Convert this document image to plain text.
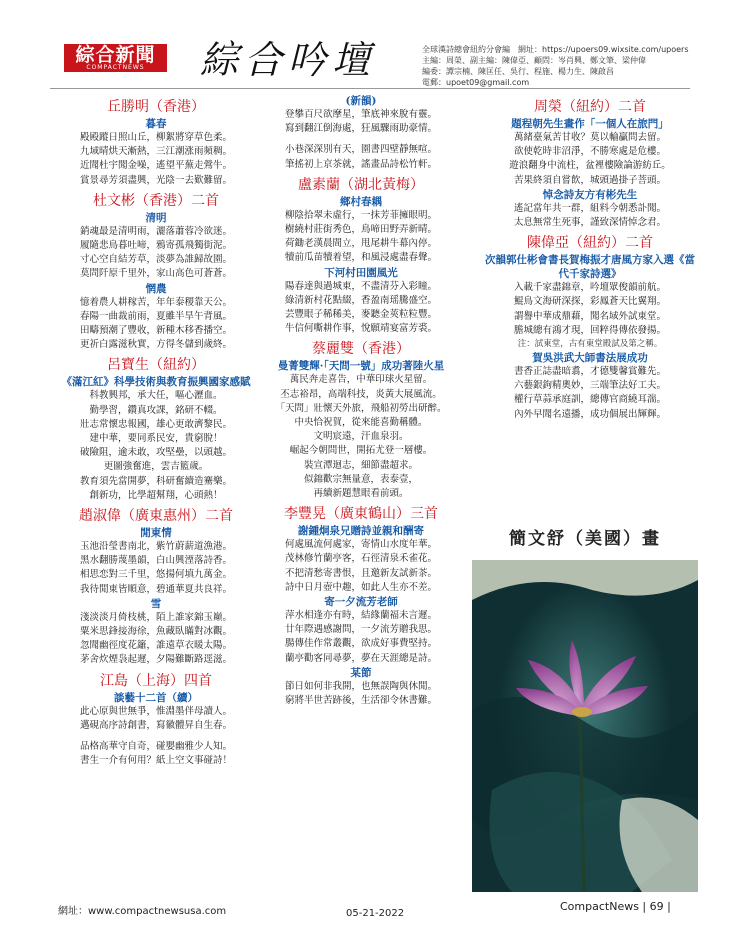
綜合新聞
COMPACTNEWS	綜合吟壇	全球漢詩總會紐約分會編　網址：https://upoers09.wixsite.com/upoers
主編：周榮、副主編：陳偉亞、顧問：岑肖興、鄭文筆、梁仲偉
編委：譚宗楠、陳匡任、吳行、程施、楊力生、陳啟昌
電郵：upoet09@gmail.com
丘勝明（香港）
暮春
殿殿蹤日照山丘，柳絮將穿草色柔。
九域晴烘天漸熱，三江潮涨雨頻稠。
近聞杜宇聞金噪，遙望平蕪走鶯牛。
賞景尋芳須盡興，光陰一去歎難留。
杜文彬（香港）二首
清明
銷魂最是清明雨，灑落蕭蓉冷欲迷。
履隨悲鳥暮吐啼，鴉寄孤飛獨街泥。
寸心空自結芳草，淡夢為誰歸故園。
莫問阡原千里外，家山高色可蒼蒼。
惘農
憶着農人耕稼苦，年年泰稷靠天公。
春陽一曲裁前雨，夏雖半旱午背風。
田疇預潮了豐收，新種木移香播空。
更祈白露滋秋實，方得冬儲到歲終。
呂寶生（紐約）
《滿江紅》科學技術與教育振興國家感賦
科教興邦，承大任，嘔心瀝血。
勤學習，鑽真攻課，銘研不輟。
壯志常懷忠報國，雄心更敢濟黎民。
建中華，要同系民安，貴窮脫！
破險阻，逾未敢，攻堅壘，以頭越。
更圖強奮進，雲吉籃歲。
教育須先當開夢，科研奮續造騫樂。
創新功，比學超幫翔，心頭熱！
趙淑偉（廣東惠州）二首
閒東情
玉池沿瑩書南北，紫竹蔚薪道漁港。
黑水翻勝蔑墨韻，白山興湮落詩香。
相思恋對三千里，悠揚何填九萬金。
我待閒東皆順意，碧通華夏共良祥。
雪
淺淡淡月倚枝桃，陌上誰家錦玉巔。
粟米思鋒接海徐，魚藏臥瞞對冰觀。
忽聞幽徑度花籬，誰遠草衣暖太陽。
茅舍炊煙袅起遲，夕陽難斷路逕滋。
江島（上海）四首
談藝十二首（續）
此心原與世無爭，惟淵墨伴母讀人。
邁硯高序詩創書，寫徽體昇自生春。
品格高華守自奇，碰嬰幽雅少人知。
書生一介有何用？紙上空文事碰詩！
(新韻)
登攀百尺欲摩星，筆底神來脫有靈。
寫到翻江倒海處，狂風驟雨助豪情。
小巷深深別有天，園書四壁靜無喧。
筆搖初上京茶就，謠畫品詩松竹軒。
盧素蘭（湖北黃梅）
鄉村春耦
柳陰拾翠未虛行，一抹芳菲擁眼明。
樹繞村莊街秀色，鳥啼田野弄新晴。
荷鋤老漢晨間立，甩尾耕牛幕內停。
犢前瓜苗犢着望，和風浸處盡春聲。
下河村田園風光
陽春達與過城東，不盡清芬入彩瞳。
綠清新村花點綴，香盈南瑶騰盛空。
芸豐眼子稀稀美，麥聽金莢粒粒豐。
牛信何嘶耕作事，悅願靖宴富芳裘。
蔡麗雙（香港）
曼菁雙輝·「天問一號」成功著陸火星
萬民奔走喜告，中華印球火星留。
丕志裕昂，高端科技，炎黃大展風流。
「天問」壯懷天外旅，飛船初勞出研醉。
中央恰祝賀，從來能喜勤稱體。
文明宸遠，汗血泉羽。
崛起今朝問世，開拓尤登一層樓。
裝宣潭迴志，細節盡超求。
似錦歡宗無量意，表泰壹，
再續新題慧眼看前頭。
李豐晃（廣東鶴山）三首
謝鍾炯泉兄贈詩並親和酬寄
何處風流何處家，寄情山水度年華。
茂林修竹蘭亭客，石徑清泉禾雀花。
不把清愁寄書恨，且邀新友試新茶。
詩中日月壺中趣，如此人生亦不差。
寄一夕流芳老師
萍水相逢亦有時，結緣蘭福未言遲。
廿年際遇感謝問，一夕流芳贈我思。
腸傳佳作常叢觀，欲成好事費堅持。
蘭亭勸客同尋夢，夢在天涯總是詩。
某節
節日如何非我開，也無誤陶與休閒。
窮將半世苦跡後，生活卻令休書難。
周榮（紐約）二首
題程朝先生畫作「一個人在旅門」
萬緒臺氣苦甘收？莫以輸贏問去留。
欲使乾時非沼淨，不勝寒處是危樓。
遊浪翻身中流柱，盆裡樓險論游紡丘。
苦果終須自嘗飲，城頭過掛子菩頭。
悼念詩友方有彬先生
遙記當年共一群，組料今朝悉訃聞。
太息無常生死事，謹致深情悼念君。
陳偉亞（紐約）二首
次韻郭仕彬會書長賀梅振才唐風方家入選《當代千家詩選》
入載千家盡錦章，吟壇眾俊韻前航。
鯤鳥文海研深探，彩鳳蒼天比翼翔。
謂譽中華成鼎藉，聞名域外試東堂。
膽城總有鴻才現，回粹得傳依發揚。
注：試東堂，古有東堂殿試及第之稱。
賀吳洪武大師書法展成功
書香正誌盡暗翥，才德雙馨賞難先。
六藝銀鉤精奧妙，三端筆法好工夫。
權行草蒜承庭訓，總傳官商繞耳湍。
內外早聞名遠播，成功個展出輝輝。
簡文舒（美國）畫
網址：www.compactnewsusa.com	05-21-2022
CompactNews | 69 |
